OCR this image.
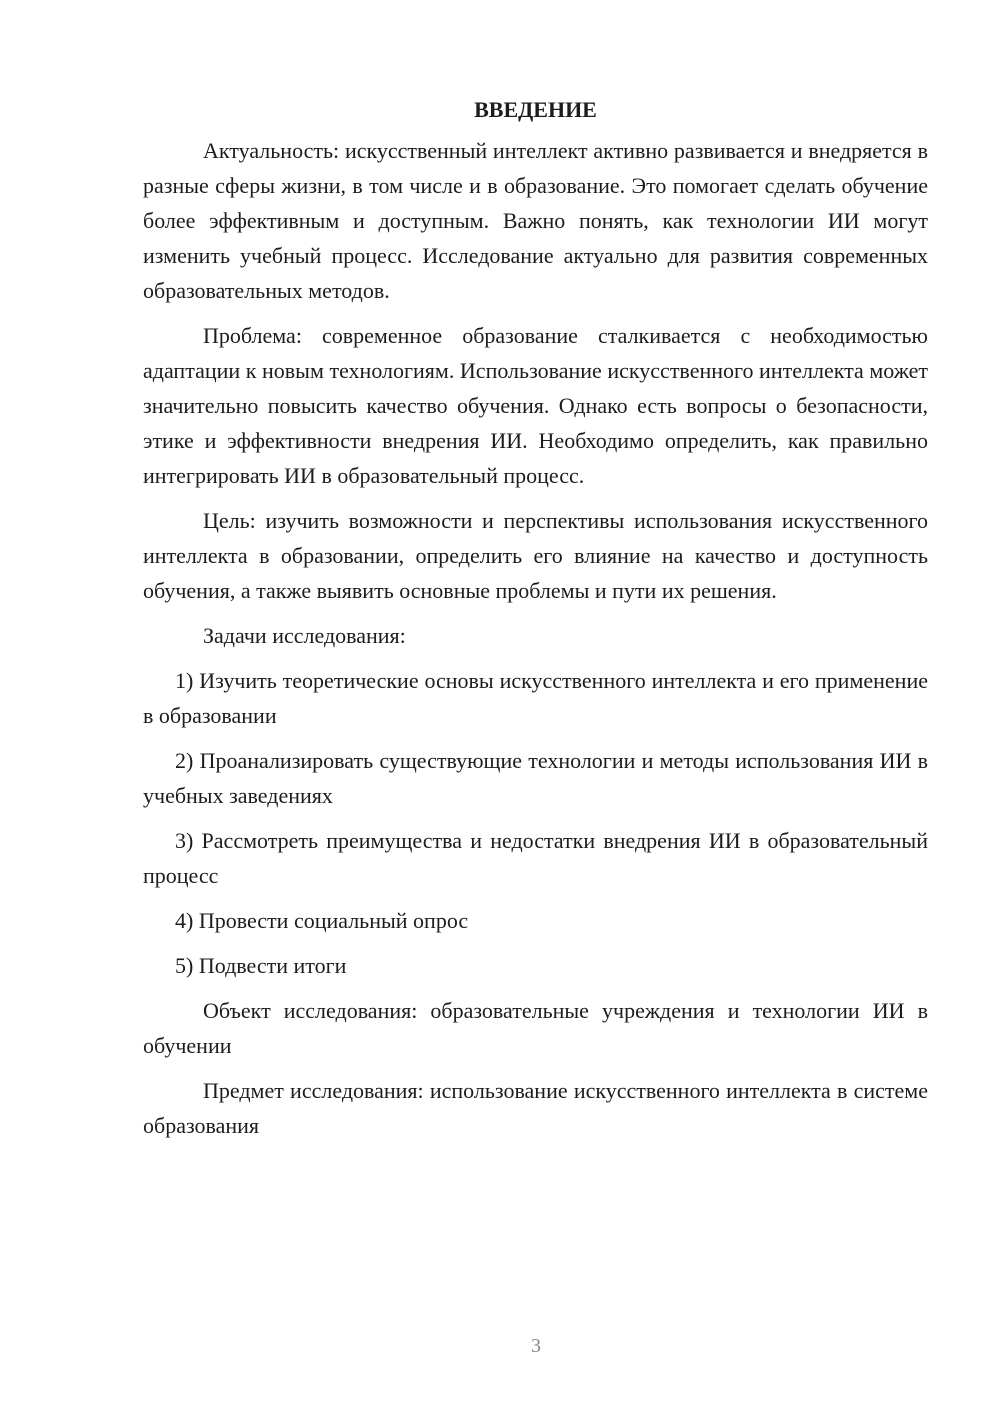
ВВЕДЕНИЕ

Актуальность: искусственный интеллект активно развивается и внедряется в разные сферы жизни, в том числе и в образование. Это помогает сделать обучение более эффективным и доступным. Важно понять, как технологии ИИ могут изменить учебный процесс. Исследование актуально для развития современных образовательных методов.

Проблема: современное образование сталкивается с необходимостью адаптации к новым технологиям. Использование искусственного интеллекта может значительно повысить качество обучения. Однако есть вопросы о безопасности, этике и эффективности внедрения ИИ. Необходимо определить, как правильно интегрировать ИИ в образовательный процесс.

Цель: изучить возможности и перспективы использования искусственного интеллекта в образовании, определить его влияние на качество и доступность обучения, а также выявить основные проблемы и пути их решения.

Задачи исследования:

1) Изучить теоретические основы искусственного интеллекта и его применение в образовании

2) Проанализировать существующие технологии и методы использования ИИ в учебных заведениях

3) Рассмотреть преимущества и недостатки внедрения ИИ в образовательный процесс

4) Провести социальный опрос

5) Подвести итоги

Объект исследования: образовательные учреждения и технологии ИИ в обучении

Предмет исследования: использование искусственного интеллекта в системе образования

3
